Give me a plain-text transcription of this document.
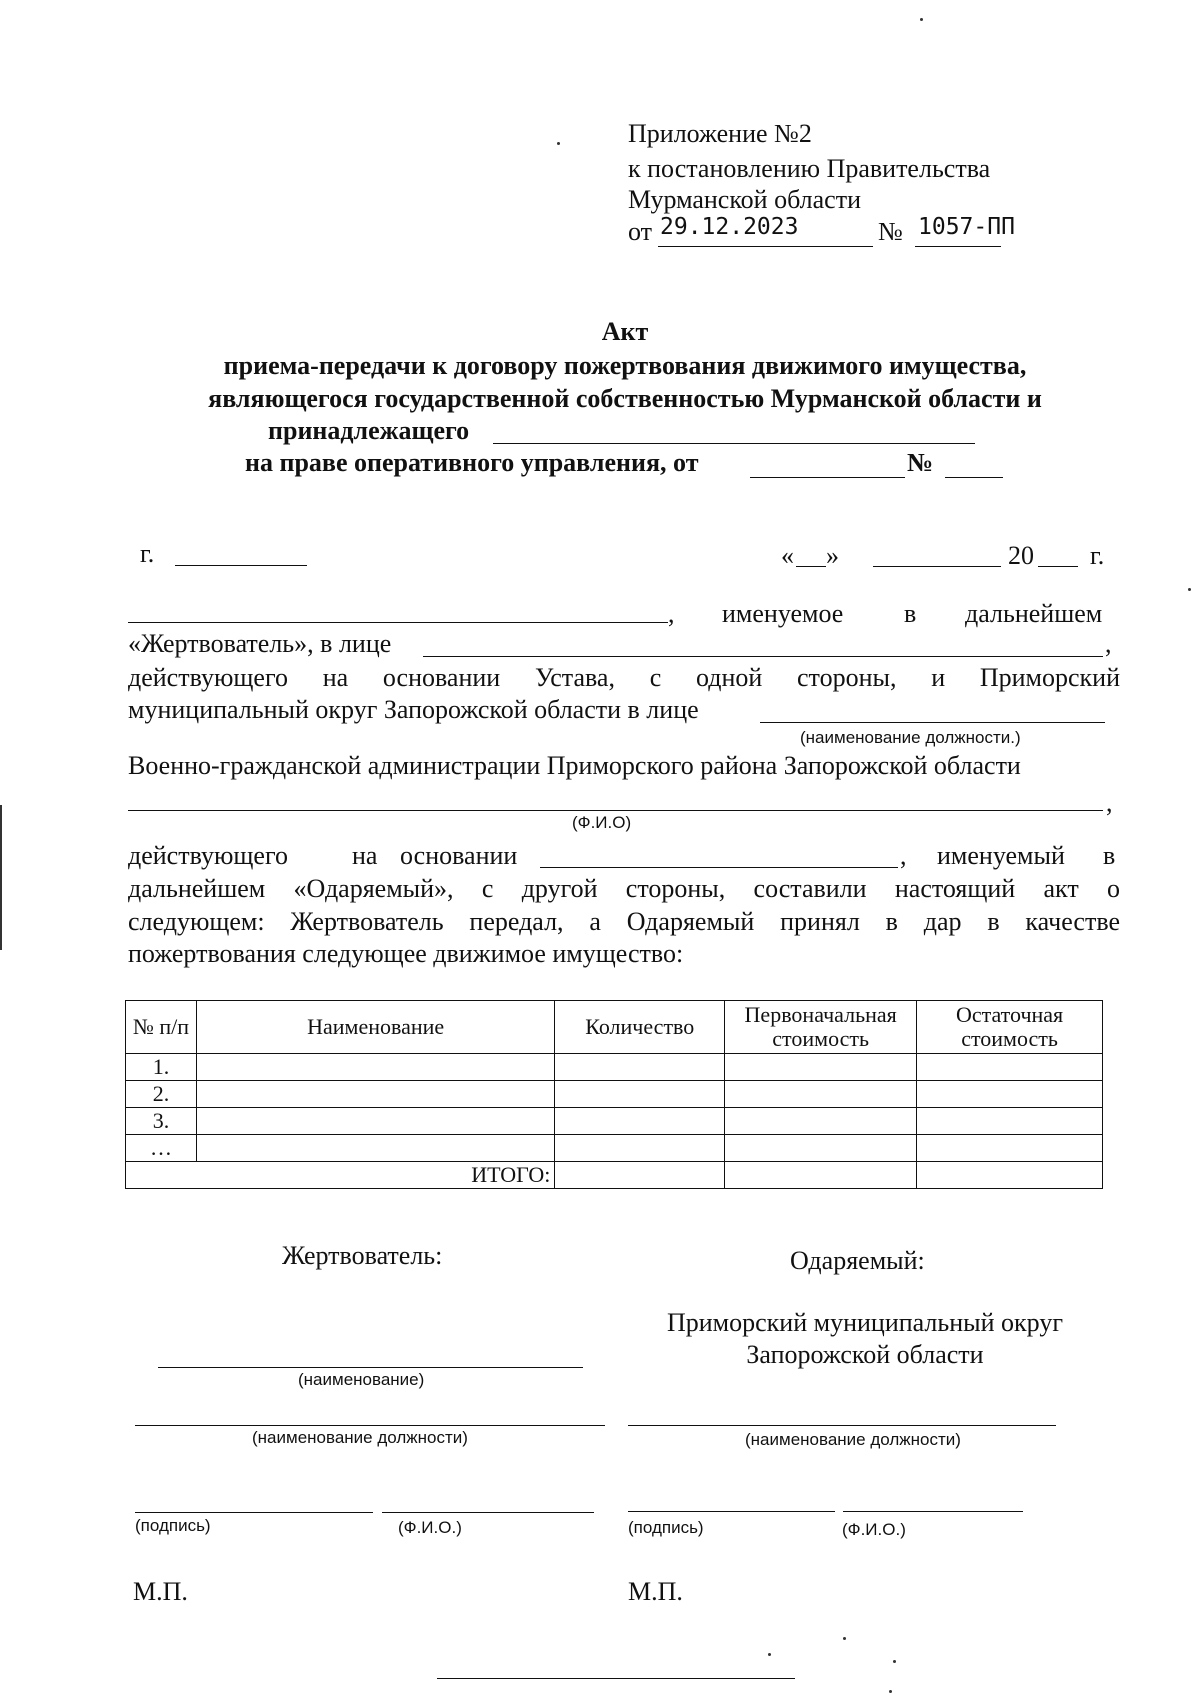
Приложение №2
к постановлению Правительства
Мурманской области
от 29.12.2023	№ 1057-ПП
Акт
приема-передачи к договору пожертвования движимого имущества,
являющегося государственной собственностью Мурманской области и
принадлежащего
на праве оперативного управления, от	№
г.	« »	20 г.
, именуемое в дальнейшем
«Жертвователь», в лице	,
действующего на основании Устава, с одной стороны, и Приморский
муниципальный округ Запорожской области в лице
(наименование должности.)
Военно-гражданской администрации Приморского района Запорожской области
,
(Ф.И.О)
действующего на основании	, именуемый в
дальнейшем «Одаряемый», с другой стороны, составили настоящий акт о
следующем: Жертвователь передал, а Одаряемый принял в дар в качестве
пожертвования следующее движимое имущество:
№ п/п	Наименование	Количество	Первоначальная стоимость	Остаточная стоимость
1.				
2.				
3.				
…				
ИТОГО:				
Жертвователь:	Одаряемый:
Приморский муниципальный округ
Запорожской области
(наименование)
(наименование должности)	(наименование должности)
(подпись)	(Ф.И.О.)	(подпись)	(Ф.И.О.)
М.П.	М.П.
